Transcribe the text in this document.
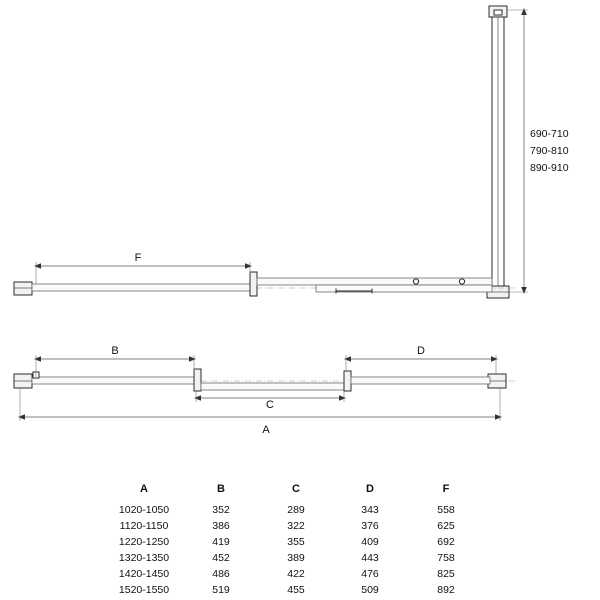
690-710
790-810
890-910
F
B	D
C
A
A	B	C	D	F
1020-1050	352	289	343	558
1120-1150	386	322	376	625
1220-1250	419	355	409	692
1320-1350	452	389	443	758
1420-1450	486	422	476	825
1520-1550	519	455	509	892
